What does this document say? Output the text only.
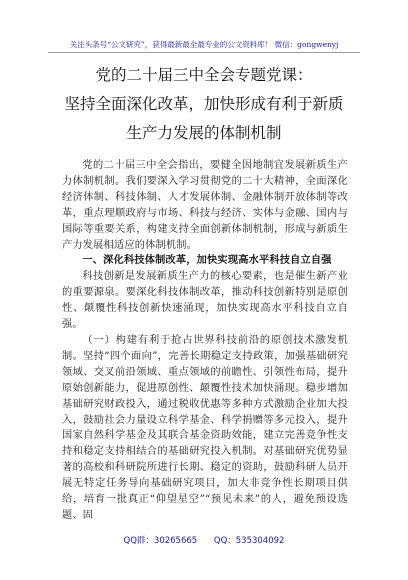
关注头条号“公文研究”，获得最新最全最专业的公文资料库！ 微信：gongwenyj
党的二十届三中全会专题党课：
坚持全面深化改革，加快形成有利于新质
生产力发展的体制机制

党的二十届三中全会指出，要健全因地制宜发展新质生产力体制机制。我们要深入学习贯彻党的二十大精神，全面深化经济体制、科技体制、人才发展体制、金融体制开放体制等改革，重点理顺政府与市场、科技与经济、实体与金融、国内与国际等重要关系，构建支持全面创新体制机制，形成与新质生产力发展相适应的体制机制。

一、深化科技体制改革，加快实现高水平科技自立自强

科技创新是发展新质生产力的核心要素，也是催生新产业的重要源泉。要深化科技体制改革，推动科技创新特别是原创性、颠覆性科技创新快速涌现，加快实现高水平科技自立自强。

（一）构建有利于抢占世界科技前沿的原创技术激发机制。坚持“四个面向”，完善长期稳定支持政策，加强基础研究领域、交叉前沿领域、重点领域的前瞻性、引领性布局，提升原始创新能力，促进原创性、颠覆性技术加快涌现。稳步增加基础研究财政投入，通过税收优惠等多种方式激励企业加大投入，鼓励社会力量设立科学基金、科学捐赠等多元投入，提升国家自然科学基金及其联合基金资助效能，建立完善竞争性支持和稳定支持相结合的基础研究投入机制。对基础研究优势显著的高校和科研院所进行长期、稳定的资助，鼓励科研人员开展无特定任务导向基础研究项目，加大非竞争性长期项目供给，培育一批真正“仰望星空”“预见未来”的人，避免预设选题、固

QQ群：30265665 QQ：535304092
